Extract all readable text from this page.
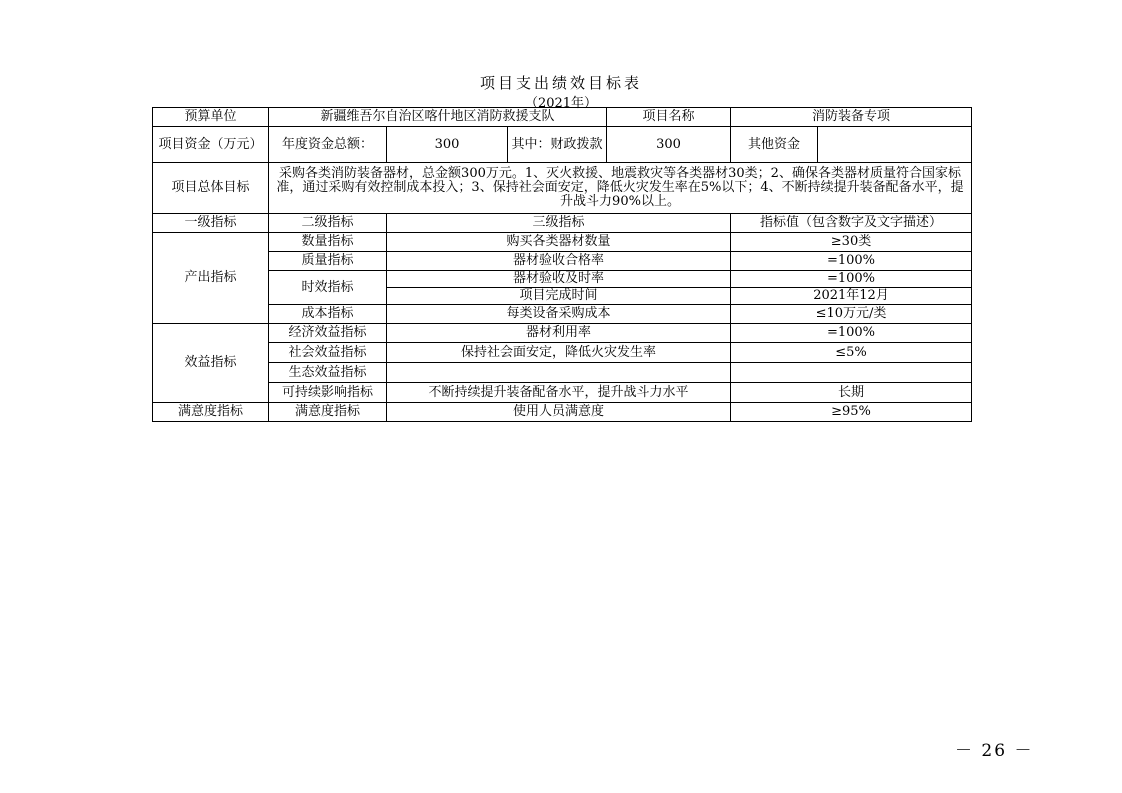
项目支出绩效目标表
（2021年）
预算单位	新疆维吾尔自治区喀什地区消防救援支队			项目名称	消防装备专项	
项目资金（万元）	年度资金总额：	300	其中：财政拨款	300	其他资金	
项目总体目标	采购各类消防装备器材，总金额300万元。1、灭火救援、地震救灾等各类器材30类；2、确保各类器材质量符合国家标准，通过采购有效控制成本投入；3、保持社会面安定，降低火灾发生率在5%以下；4、不断持续提升装备配备水平，提升战斗力90%以上。					
一级指标	二级指标	三级指标			指标值（包含数字及文字描述）	
产出指标	数量指标	购买各类器材数量			≥30类	
	质量指标	器材验收合格率			=100%	
	时效指标	器材验收及时率			=100%	
		项目完成时间			2021年12月	
	成本指标	每类设备采购成本			≤10万元/类	
效益指标	经济效益指标	器材利用率			=100%	
	社会效益指标	保持社会面安定，降低火灾发生率			≤5%	
	生态效益指标					
	可持续影响指标	不断持续提升装备配备水平，提升战斗力水平			长期	
满意度指标	满意度指标	使用人员满意度			≥95%	
－ 26 －
